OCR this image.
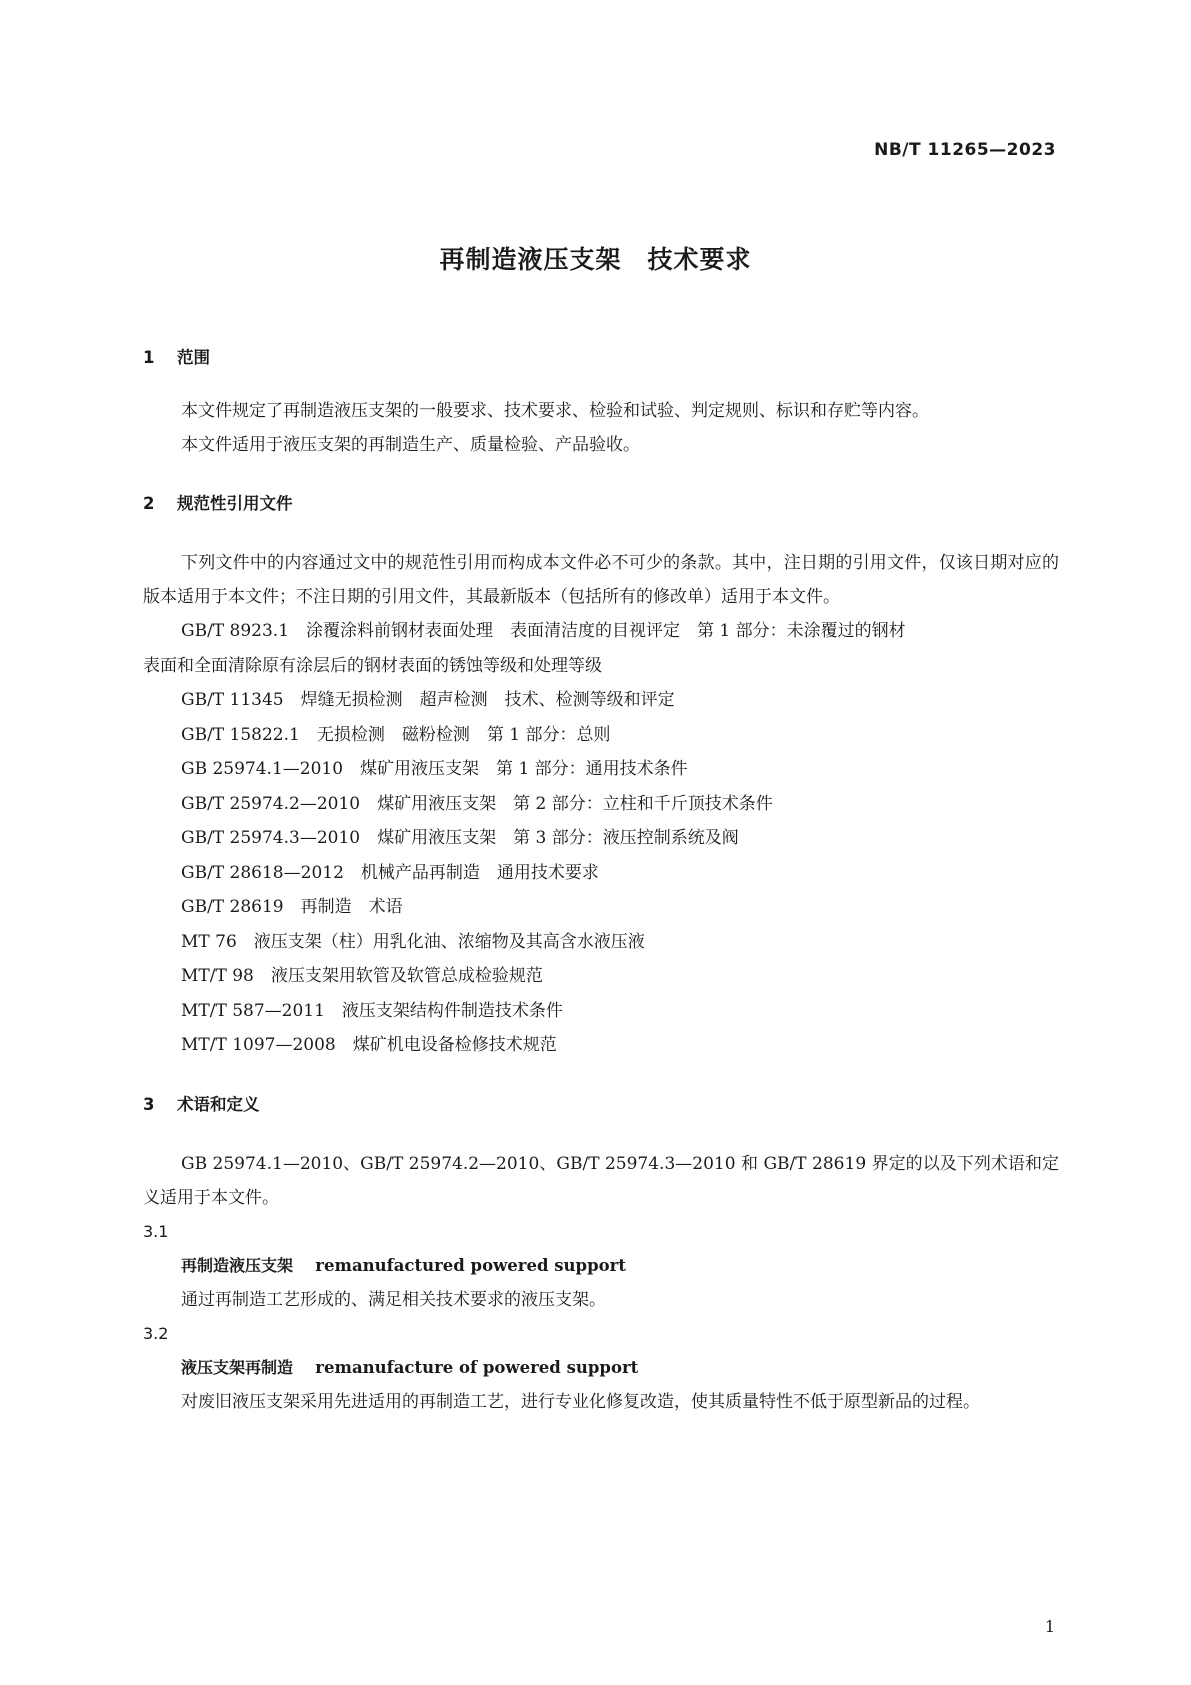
NB/T 11265—2023
再制造液压支架　技术要求
1 范围

本文件规定了再制造液压支架的一般要求、技术要求、检验和试验、判定规则、标识和存贮等内容。

本文件适用于液压支架的再制造生产、质量检验、产品验收。

2 规范性引用文件

下列文件中的内容通过文中的规范性引用而构成本文件必不可少的条款。其中，注日期的引用文件，仅该日期对应的版本适用于本文件；不注日期的引用文件，其最新版本（包括所有的修改单）适用于本文件。

GB/T 8923.1　涂覆涂料前钢材表面处理　表面清洁度的目视评定　第 1 部分：未涂覆过的钢材

表面和全面清除原有涂层后的钢材表面的锈蚀等级和处理等级

GB/T 11345　焊缝无损检测　超声检测　技术、检测等级和评定

GB/T 15822.1　无损检测　磁粉检测　第 1 部分：总则

GB 25974.1—2010　煤矿用液压支架　第 1 部分：通用技术条件

GB/T 25974.2—2010　煤矿用液压支架　第 2 部分：立柱和千斤顶技术条件

GB/T 25974.3—2010　煤矿用液压支架　第 3 部分：液压控制系统及阀

GB/T 28618—2012　机械产品再制造　通用技术要求

GB/T 28619　再制造　术语

MT 76　液压支架（柱）用乳化油、浓缩物及其高含水液压液

MT/T 98　液压支架用软管及软管总成检验规范

MT/T 587—2011　液压支架结构件制造技术条件

MT/T 1097—2008　煤矿机电设备检修技术规范

3 术语和定义

GB 25974.1—2010、GB/T 25974.2—2010、GB/T 25974.3—2010 和 GB/T 28619 界定的以及下列术语和定义适用于本文件。

3.1

再制造液压支架 remanufactured powered support

通过再制造工艺形成的、满足相关技术要求的液压支架。

3.2

液压支架再制造 remanufacture of powered support

对废旧液压支架采用先进适用的再制造工艺，进行专业化修复改造，使其质量特性不低于原型新品的过程。

1
